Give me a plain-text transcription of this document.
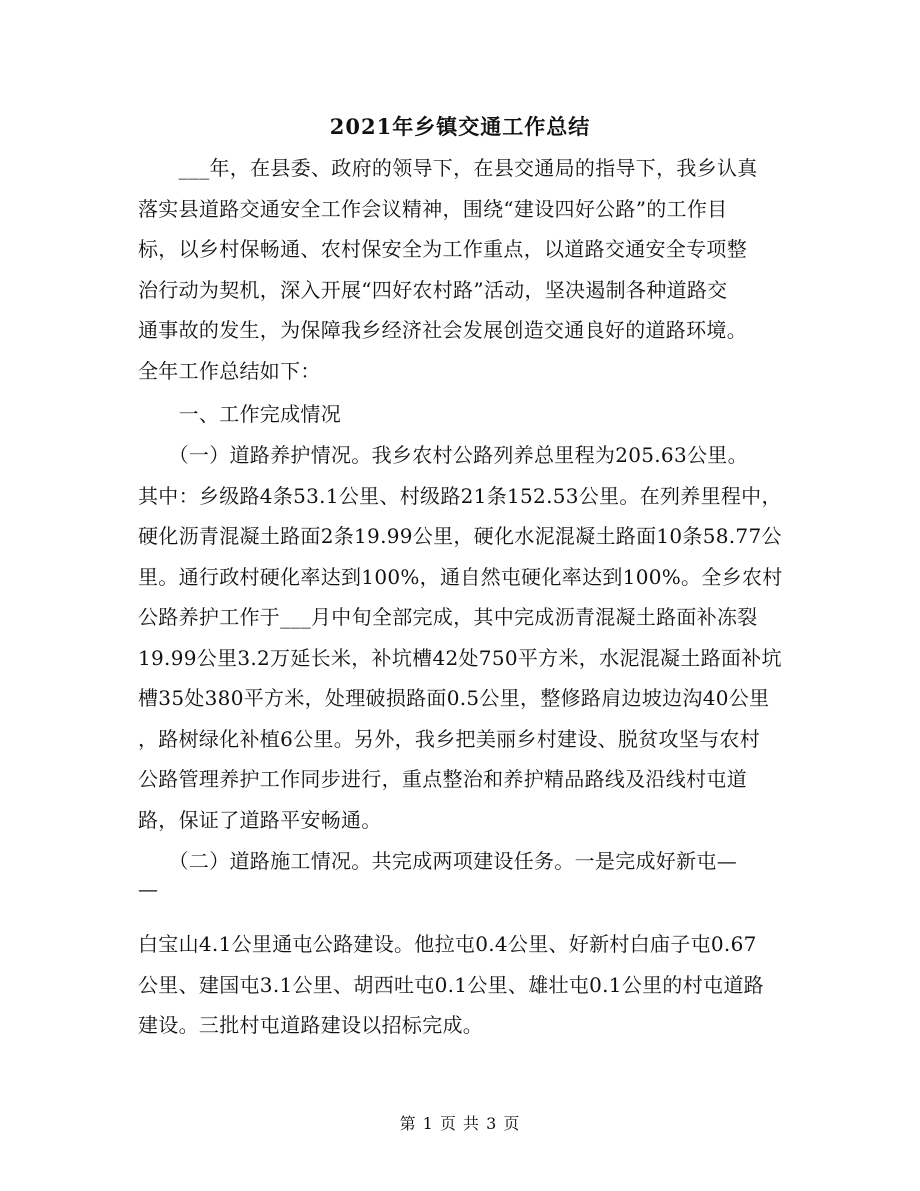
2021年乡镇交通工作总结
　　___年，在县委、政府的领导下，在县交通局的指导下，我乡认真
落实县道路交通安全工作会议精神，围绕“建设四好公路”的工作目
标，以乡村保畅通、农村保安全为工作重点，以道路交通安全专项整
治行动为契机，深入开展“四好农村路”活动，坚决遏制各种道路交
通事故的发生，为保障我乡经济社会发展创造交通良好的道路环境。
全年工作总结如下：
　　一、工作完成情况
　　（一）道路养护情况。我乡农村公路列养总里程为205.63公里。
其中：乡级路4条53.1公里、村级路21条152.53公里。在列养里程中，
硬化沥青混凝土路面2条19.99公里，硬化水泥混凝土路面10条58.77公
里。通行政村硬化率达到100%，通自然屯硬化率达到100%。全乡农村
公路养护工作于___月中旬全部完成，其中完成沥青混凝土路面补冻裂
19.99公里3.2万延长米，补坑槽42处750平方米，水泥混凝土路面补坑
槽35处380平方米，处理破损路面0.5公里，整修路肩边坡边沟40公里
，路树绿化补植6公里。另外，我乡把美丽乡村建设、脱贫攻坚与农村
公路管理养护工作同步进行，重点整治和养护精品路线及沿线村屯道
路，保证了道路平安畅通。
　　（二）道路施工情况。共完成两项建设任务。一是完成好新屯—
—
白宝山4.1公里通屯公路建设。他拉屯0.4公里、好新村白庙子屯0.67
公里、建国屯3.1公里、胡西吐屯0.1公里、雄壮屯0.1公里的村屯道路
建设。三批村屯道路建设以招标完成。
第 1 页 共 3 页
